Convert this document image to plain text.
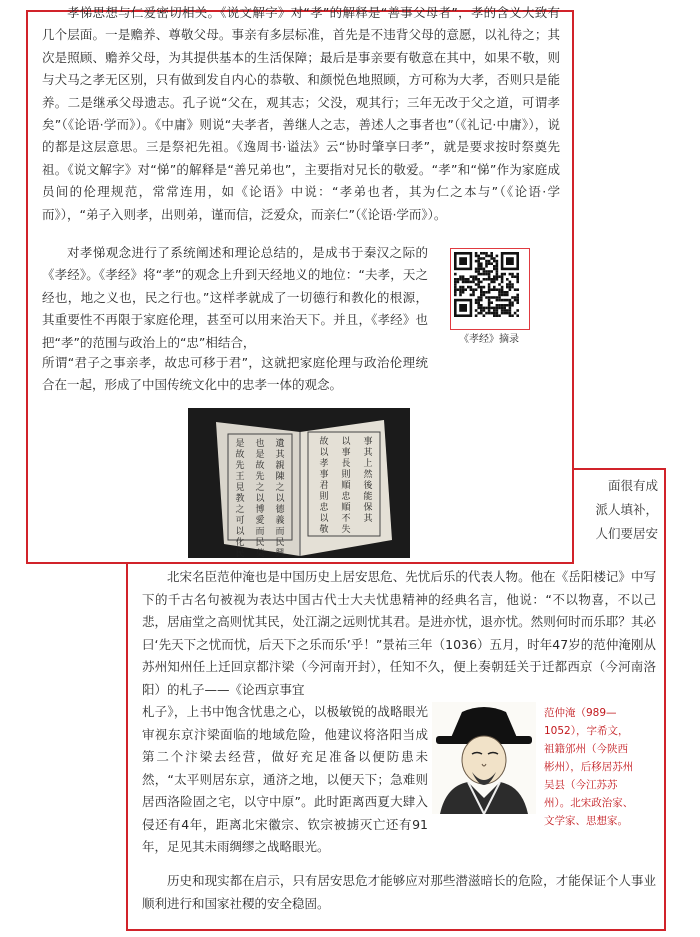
面很有成
派人填补，
人们要居安

北宋名臣范仲淹也是中国历史上居安思危、先忧后乐的代表人物。他在《岳阳楼记》中写下的千古名句被视为表达中国古代士大夫忧患精神的经典名言，他说：“不以物喜，不以己悲，居庙堂之高则忧其民，处江湖之远则忧其君。是进亦忧，退亦忧。然则何时而乐耶？其必曰‘先天下之忧而忧，后天下之乐而乐’乎！”景祐三年（1036）五月，时年47岁的范仲淹刚从苏州知州任上迁回京都汴梁（今河南开封），任知不久，便上奏朝廷关于迁都西京（今河南洛阳）的札子——《论西京事宜

札子》，上书中饱含忧患之心，以极敏锐的战略眼光审视东京汴梁面临的地域危险，他建议将洛阳当成第二个汴梁去经营，做好充足准备以便防患未然，“太平则居东京，通济之地，以便天下；急难则居西洛险固之宅，以守中原”。此时距离西夏大肆入侵还有4年，距离北宋徽宗、钦宗被掳灭亡还有91年，足见其未雨绸缪之战略眼光。

范仲淹（989—1052），字希文，祖籍邠州（今陕西彬州），后移居苏州吴县（今江苏苏州）。北宋政治家、文学家、思想家。

历史和现实都在启示，只有居安思危才能够应对那些潜滋暗长的危险，才能保证个人事业顺利进行和国家社稷的安全稳固。

孝悌思想与仁爱密切相关。《说文解字》对“孝”的解释是“善事父母者”，孝的含义大致有几个层面。一是赡养、尊敬父母。事亲有多层标准，首先是不违背父母的意愿，以礼待之；其次是照顾、赡养父母，为其提供基本的生活保障；最后是事亲要有敬意在其中，如果不敬，则与犬马之孝无区别，只有做到发自内心的恭敬、和颜悦色地照顾，方可称为大孝，否则只是能养。二是继承父母遗志。孔子说“父在，观其志；父没，观其行；三年无改于父之道，可谓孝矣”（《论语·学而》）。《中庸》则说“夫孝者，善继人之志，善述人之事者也”（《礼记·中庸》），说的都是这层意思。三是祭祀先祖。《逸周书·谥法》云“协时肇享曰孝”，就是要求按时祭奠先祖。《说文解字》对“悌”的解释是“善兄弟也”，主要指对兄长的敬爱。“孝”和“悌”作为家庭成员间的伦理规范，常常连用，如《论语》中说：“孝弟也者，其为仁之本与”（《论语·学而》），“弟子入则孝，出则弟，谨而信，泛爱众，而亲仁”（《论语·学而》）。

对孝悌观念进行了系统阐述和理论总结的，是成书于秦汉之际的《孝经》。《孝经》将“孝”的观念上升到天经地义的地位：“夫孝，天之经也，地之义也，民之行也。”这样孝就成了一切德行和教化的根源，其重要性不再限于家庭伦理，甚至可以用来治天下。并且，《孝经》也把“孝”的范围与政治上的“忠”相结合，

所谓“君子之事亲孝，故忠可移于君”，这就把家庭伦理与政治伦理统合在一起，形成了中国传统文化中的忠孝一体的观念。

《孝经》摘录
是
故
先
王
見
教
之
可
以
化
民
也
是
故
先
之
以
博
愛
而
民
莫
遺
其
親
陳
之
以
德
義
而
民
興
故
以
孝
事
君
則
忠
以
敬
以
事
長
則
順
忠
順
不
失
事
其
上
然
後
能
保
其
